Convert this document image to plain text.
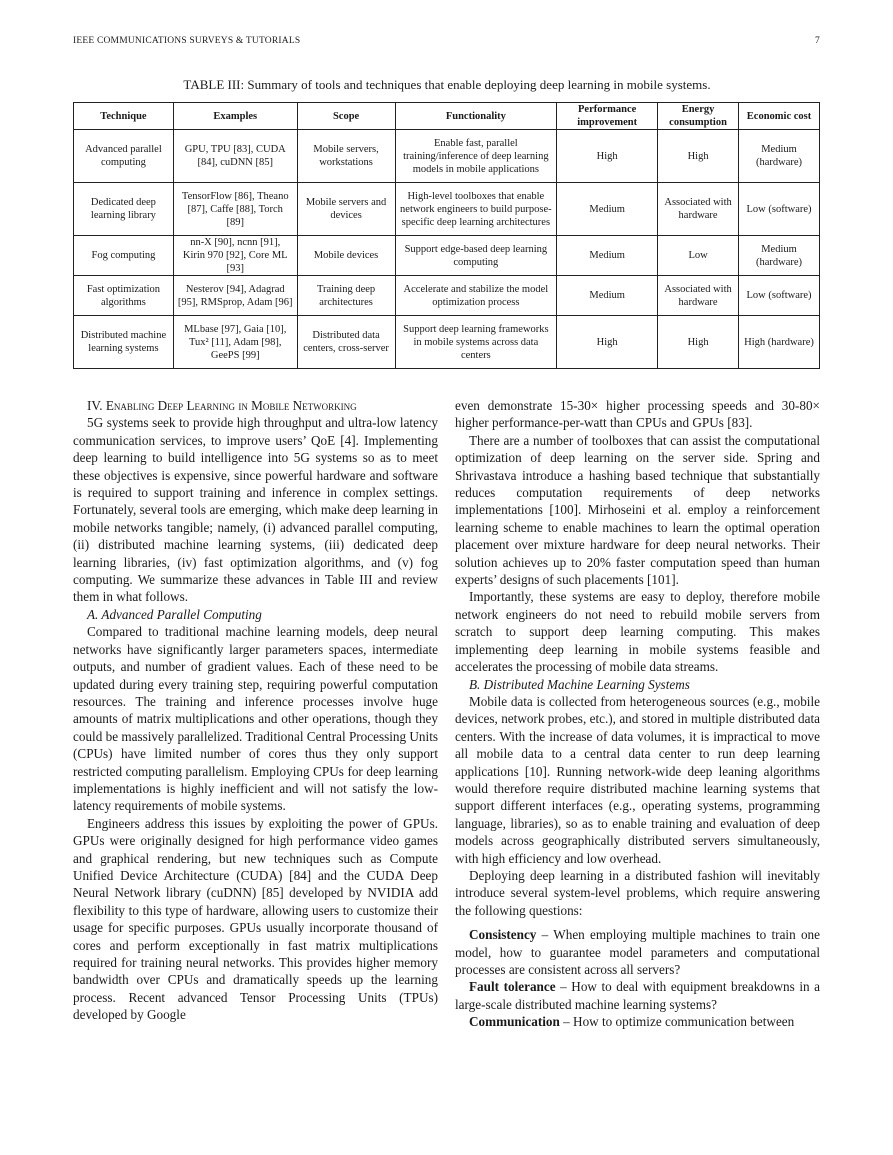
IEEE COMMUNICATIONS SURVEYS & TUTORIALS	7
TABLE III: Summary of tools and techniques that enable deploying deep learning in mobile systems.
Technique	Examples	Scope	Functionality	Performance improvement	Energy consumption	Economic cost
Advanced parallel computing	GPU, TPU [83], CUDA [84], cuDNN [85]	Mobile servers, workstations	Enable fast, parallel training/inference of deep learning models in mobile applications	High	High	Medium (hardware)
Dedicated deep learning library	TensorFlow [86], Theano [87], Caffe [88], Torch [89]	Mobile servers and devices	High-level toolboxes that enable network engineers to build purpose-specific deep learning architectures	Medium	Associated with hardware	Low (software)
Fog computing	nn-X [90], ncnn [91], Kirin 970 [92], Core ML [93]	Mobile devices	Support edge-based deep learning computing	Medium	Low	Medium (hardware)
Fast optimization algorithms	Nesterov [94], Adagrad [95], RMSprop, Adam [96]	Training deep architectures	Accelerate and stabilize the model optimization process	Medium	Associated with hardware	Low (software)
Distributed machine learning systems	MLbase [97], Gaia [10], Tux² [11], Adam [98], GeePS [99]	Distributed data centers, cross-server	Support deep learning frameworks in mobile systems across data centers	High	High	High (hardware)

IV. Enabling Deep Learning in Mobile Networking

5G systems seek to provide high throughput and ultra-low latency communication services, to improve users’ QoE [4]. Implementing deep learning to build intelligence into 5G systems so as to meet these objectives is expensive, since powerful hardware and software is required to support training and inference in complex settings. Fortunately, several tools are emerging, which make deep learning in mobile networks tangible; namely, (i) advanced parallel computing, (ii) distributed machine learning systems, (iii) dedicated deep learning libraries, (iv) fast optimization algorithms, and (v) fog computing. We summarize these advances in Table III and review them in what follows.

A. Advanced Parallel Computing

Compared to traditional machine learning models, deep neural networks have significantly larger parameters spaces, intermediate outputs, and number of gradient values. Each of these need to be updated during every training step, requiring powerful computation resources. The training and inference processes involve huge amounts of matrix multiplications and other operations, though they could be massively parallelized. Traditional Central Processing Units (CPUs) have limited number of cores thus they only support restricted computing parallelism. Employing CPUs for deep learning implementations is highly inefficient and will not satisfy the low-latency requirements of mobile systems.

Engineers address this issues by exploiting the power of GPUs. GPUs were originally designed for high performance video games and graphical rendering, but new techniques such as Compute Unified Device Architecture (CUDA) [84] and the CUDA Deep Neural Network library (cuDNN) [85] developed by NVIDIA add flexibility to this type of hardware, allowing users to customize their usage for specific purposes. GPUs usually incorporate thousand of cores and perform exceptionally in fast matrix multiplications required for training neural networks. This provides higher memory bandwidth over CPUs and dramatically speeds up the learning process. Recent advanced Tensor Processing Units (TPUs) developed by Google

even demonstrate 15-30× higher processing speeds and 30-80× higher performance-per-watt than CPUs and GPUs [83].

There are a number of toolboxes that can assist the computational optimization of deep learning on the server side. Spring and Shrivastava introduce a hashing based technique that substantially reduces computation requirements of deep networks implementations [100]. Mirhoseini et al. employ a reinforcement learning scheme to enable machines to learn the optimal operation placement over mixture hardware for deep neural networks. Their solution achieves up to 20% faster computation speed than human experts’ designs of such placements [101].

Importantly, these systems are easy to deploy, therefore mobile network engineers do not need to rebuild mobile servers from scratch to support deep learning computing. This makes implementing deep learning in mobile systems feasible and accelerates the processing of mobile data streams.

B. Distributed Machine Learning Systems

Mobile data is collected from heterogeneous sources (e.g., mobile devices, network probes, etc.), and stored in multiple distributed data centers. With the increase of data volumes, it is impractical to move all mobile data to a central data center to run deep learning applications [10]. Running network-wide deep leaning algorithms would therefore require distributed machine learning systems that support different interfaces (e.g., operating systems, programming language, libraries), so as to enable training and evaluation of deep models across geographically distributed servers simultaneously, with high efficiency and low overhead.

Deploying deep learning in a distributed fashion will inevitably introduce several system-level problems, which require answering the following questions:

Consistency – When employing multiple machines to train one model, how to guarantee model parameters and computational processes are consistent across all servers?

Fault tolerance – How to deal with equipment breakdowns in a large-scale distributed machine learning systems?

Communication – How to optimize communication between
